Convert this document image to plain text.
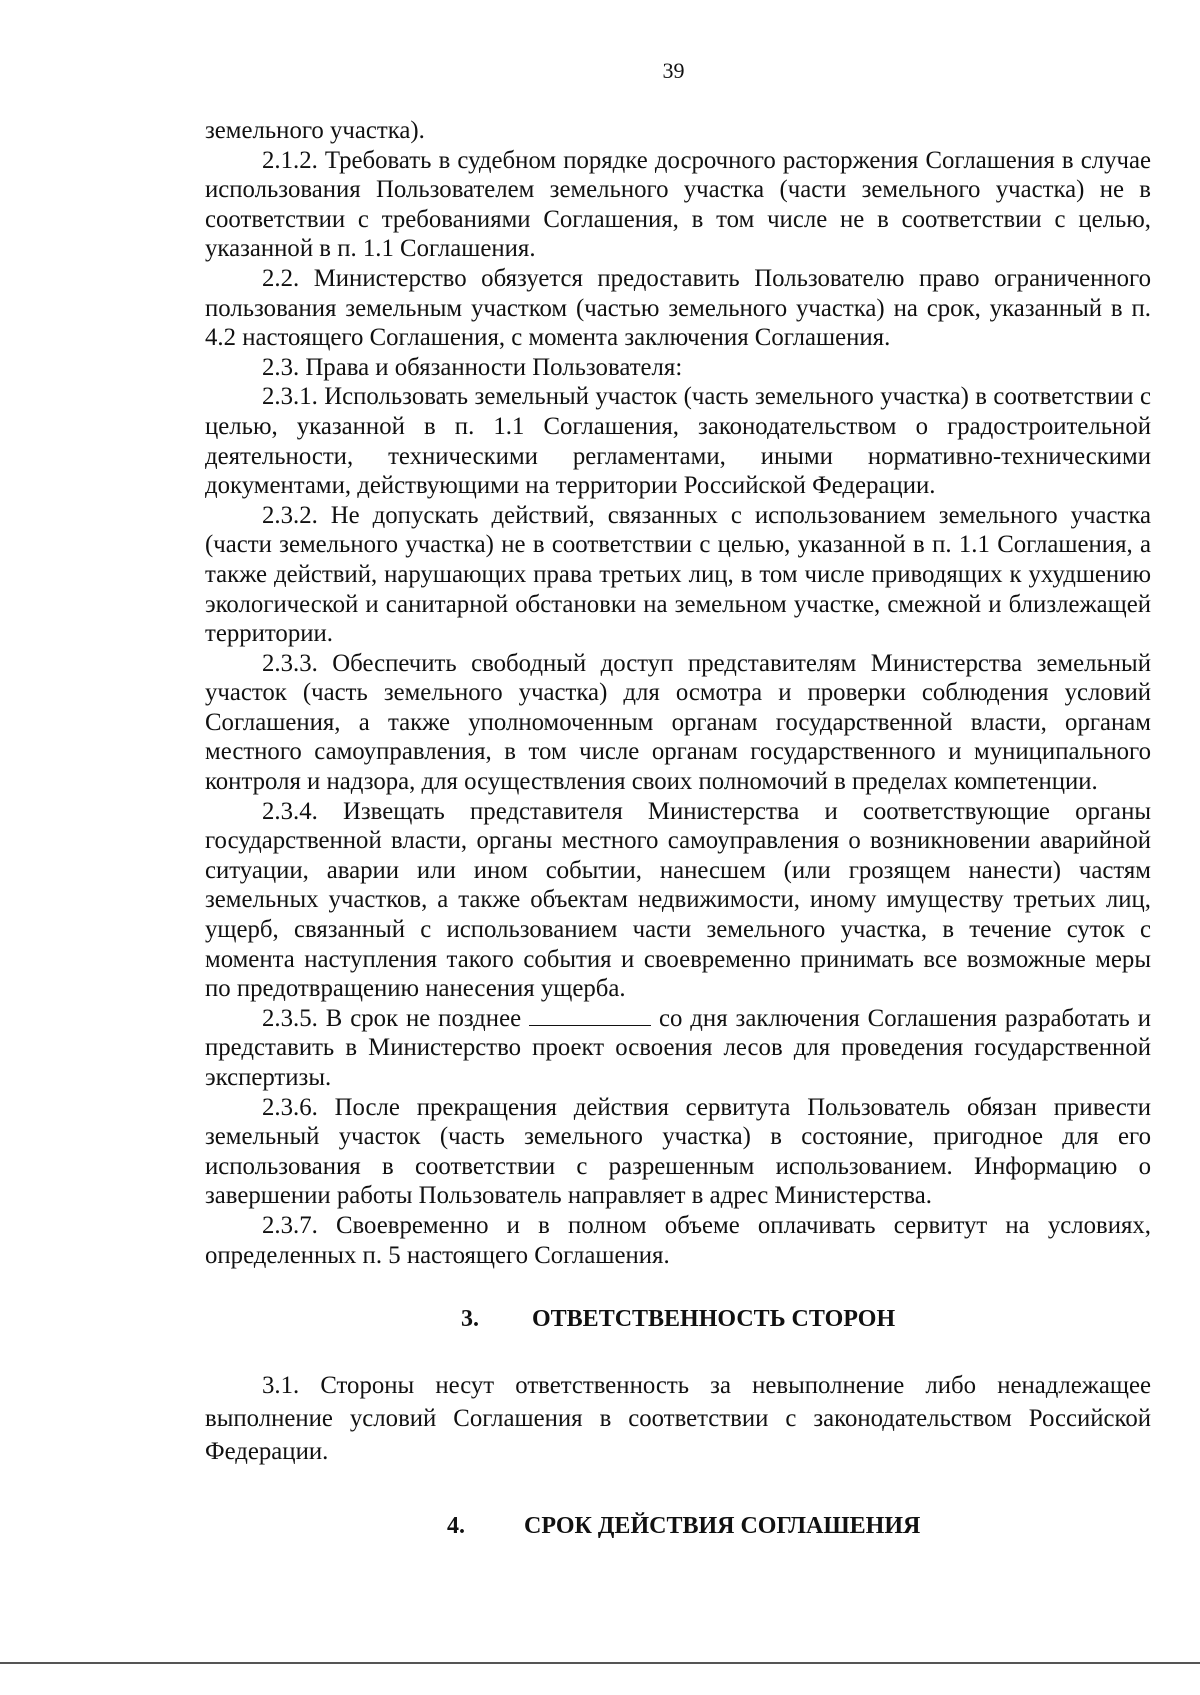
39

земельного участка).

2.1.2. Требовать в судебном порядке досрочного расторжения Соглашения в случае использования Пользователем земельного участка (части земельного участка) не в соответствии с требованиями Соглашения, в том числе не в соответствии с целью, указанной в п. 1.1 Соглашения.

2.2. Министерство обязуется предоставить Пользователю право ограниченного пользования земельным участком (частью земельного участка) на срок, указанный в п. 4.2 настоящего Соглашения, с момента заключения Соглашения.

2.3. Права и обязанности Пользователя:

2.3.1. Использовать земельный участок (часть земельного участка) в соответствии с целью, указанной в п. 1.1 Соглашения, законодательством о градостроительной деятельности, техническими регламентами, иными нормативно-техническими документами, действующими на территории Российской Федерации.

2.3.2. Не допускать действий, связанных с использованием земельного участка (части земельного участка) не в соответствии с целью, указанной в п. 1.1 Соглашения, а также действий, нарушающих права третьих лиц, в том числе приводящих к ухудшению экологической и санитарной обстановки на земельном участке, смежной и близлежащей территории.

2.3.3. Обеспечить свободный доступ представителям Министерства земельный участок (часть земельного участка) для осмотра и проверки соблюдения условий Соглашения, а также уполномоченным органам государственной власти, органам местного самоуправления, в том числе органам государственного и муниципального контроля и надзора, для осуществления своих полномочий в пределах компетенции.

2.3.4. Извещать представителя Министерства и соответствующие органы государственной власти, органы местного самоуправления о возникновении аварийной ситуации, аварии или ином событии, нанесшем (или грозящем нанести) частям земельных участков, а также объектам недвижимости, иному имуществу третьих лиц, ущерб, связанный с использованием части земельного участка, в течение суток с момента наступления такого события и своевременно принимать все возможные меры по предотвращению нанесения ущерба.

2.3.5. В срок не позднее	со дня заключения Соглашения разработать и представить в Министерство проект освоения лесов для проведения государственной экспертизы.

2.3.6. После прекращения действия сервитута Пользователь обязан привести земельный участок (часть земельного участка) в состояние, пригодное для его использования в соответствии с разрешенным использованием. Информацию о завершении работы Пользователь направляет в адрес Министерства.

2.3.7. Своевременно и в полном объеме оплачивать сервитут на условиях, определенных п. 5 настоящего Соглашения.

3. ОТВЕТСТВЕННОСТЬ СТОРОН

3.1. Стороны несут ответственность за невыполнение либо ненадлежащее выполнение условий Соглашения в соответствии с законодательством Российской Федерации.

4. СРОК ДЕЙСТВИЯ СОГЛАШЕНИЯ
